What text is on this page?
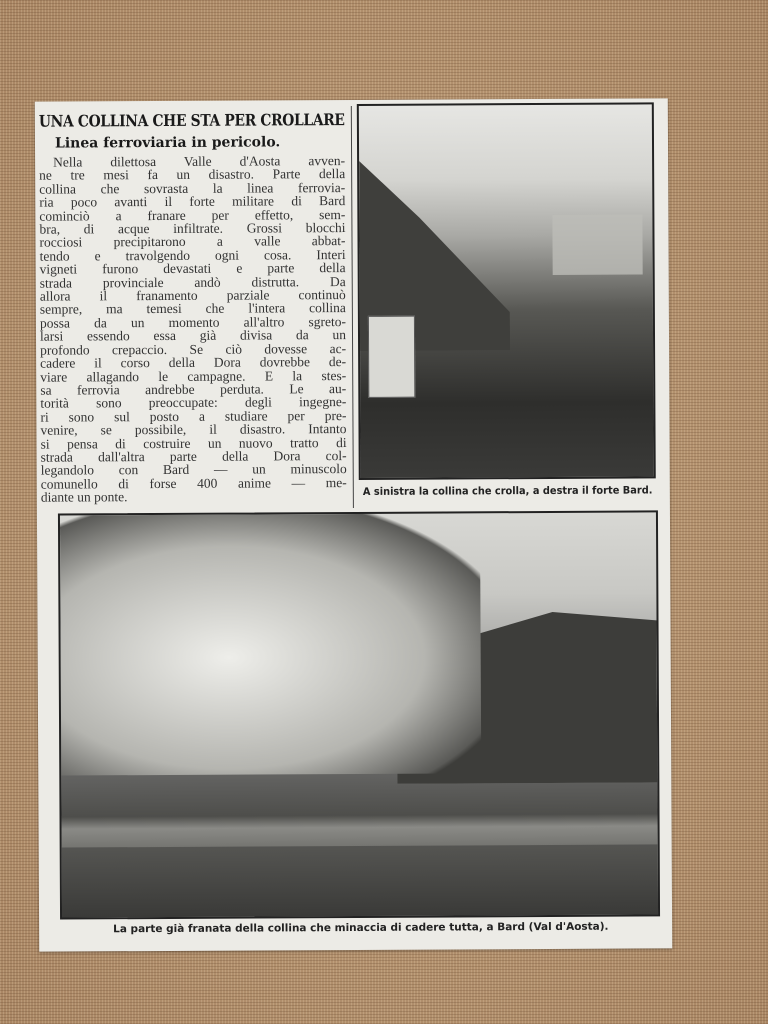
UNA COLLINA CHE STA PER CROLLARE
Linea ferroviaria in pericolo.
Nella dilettosa Valle d'Aosta avven-
ne tre mesi fa un disastro. Parte della
collina che sovrasta la linea ferrovia-
ria poco avanti il forte militare di Bard
cominciò a franare per effetto, sem-
bra, di acque infiltrate. Grossi blocchi
rocciosi precipitarono a valle abbat-
tendo e travolgendo ogni cosa. Interi
vigneti furono devastati e parte della
strada provinciale andò distrutta. Da
allora il franamento parziale continuò
sempre, ma temesi che l'intera collina
possa da un momento all'altro sgreto-
larsi essendo essa già divisa da un
profondo crepaccio. Se ciò dovesse ac-
cadere il corso della Dora dovrebbe de-
viare allagando le campagne. E la stes-
sa ferrovia andrebbe perduta. Le au-
torità sono preoccupate: degli ingegne-
ri sono sul posto a studiare per pre-
venire, se possibile, il disastro. Intanto
si pensa di costruire un nuovo tratto di
strada dall'altra parte della Dora col-
legandolo con Bard — un minuscolo
comunello di forse 400 anime — me-
diante un ponte.	A sinistra la collina che crolla, a destra il forte Bard.
La parte già franata della collina che minaccia di cadere tutta, a Bard (Val d'Aosta).
